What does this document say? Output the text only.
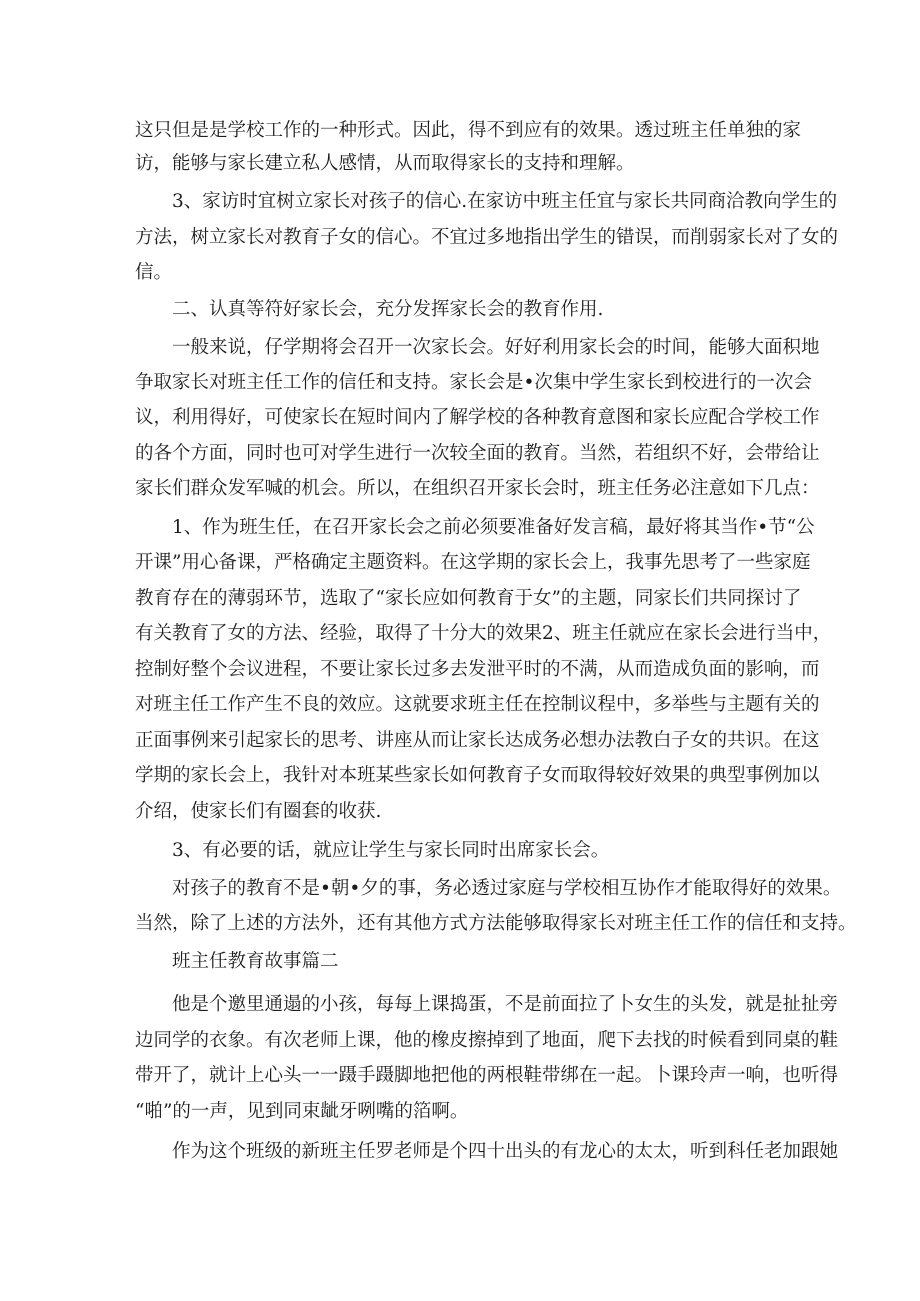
这只但是是学校工作的一种形式。因此，得不到应有的效果。透过班主任单独的家

访，能够与家长建立私人感情，从而取得家长的支持和理解。

3、家访时宜树立家长对孩子的信心.在家访中班主任宜与家长共同商洽教向学生的

方法，树立家长对教育子女的信心。不宜过多地指出学生的错误，而削弱家长对了女的

信。

二、认真等符好家长会，充分发挥家长会的教育作用.

一般来说，仔学期将会召开一次家长会。好好利用家长会的时间，能够大面积地

争取家长对班主任工作的信任和支持。家长会是•次集中学生家长到校进行的一次会

议，利用得好，可使家长在短时间内了解学校的各种教育意图和家长应配合学校工作

的各个方面，同时也可对学生进行一次较全面的教育。当然，若组织不好，会带给让

家长们群众发军喊的机会。所以，在组织召开家长会时，班主任务必注意如下几点：

1、作为班生任，在召开家长会之前必须要准备好发言稿，最好将其当作•节“公

开课”用心备课，严格确定主题资料。在这学期的家长会上，我事先思考了一些家庭

教育存在的薄弱环节，选取了“家长应如何教育于女”的主题，同家长们共同探讨了

有关教育了女的方法、经验，取得了十分大的效果2、班主任就应在家长会进行当中，

控制好整个会议进程，不要让家长过多去发泄平时的不满，从而造成负面的影响，而

对班主任工作产生不良的效应。这就要求班主任在控制议程中，多举些与主题有关的

正面事例来引起家长的思考、讲座从而让家长达成务必想办法教白子女的共识。在这

学期的家长会上，我针对本班某些家长如何教育子女而取得较好效果的典型事例加以

介绍，使家长们有圈套的收获.

3、有必要的话，就应让学生与家长同时出席家长会。

对孩子的教育不是•朝•夕的事，务必透过家庭与学校相互协作才能取得好的效果。

当然，除了上述的方法外，还有其他方式方法能够取得家长对班主任工作的信任和支持。

班主任教育故事篇二

他是个邀里通遢的小孩，每每上课捣蛋，不是前面拉了卜女生的头发，就是扯扯旁

边同学的衣象。有次老师上课，他的橡皮擦掉到了地面，爬下去找的时候看到同桌的鞋

带开了，就计上心头一一蹑手蹑脚地把他的两根鞋带绑在一起。卜课玲声一响，也听得

“啪”的一声，见到同束龇牙咧嘴的箔啊。

作为这个班级的新班主任罗老师是个四十出头的有龙心的太太，听到科任老加跟她
